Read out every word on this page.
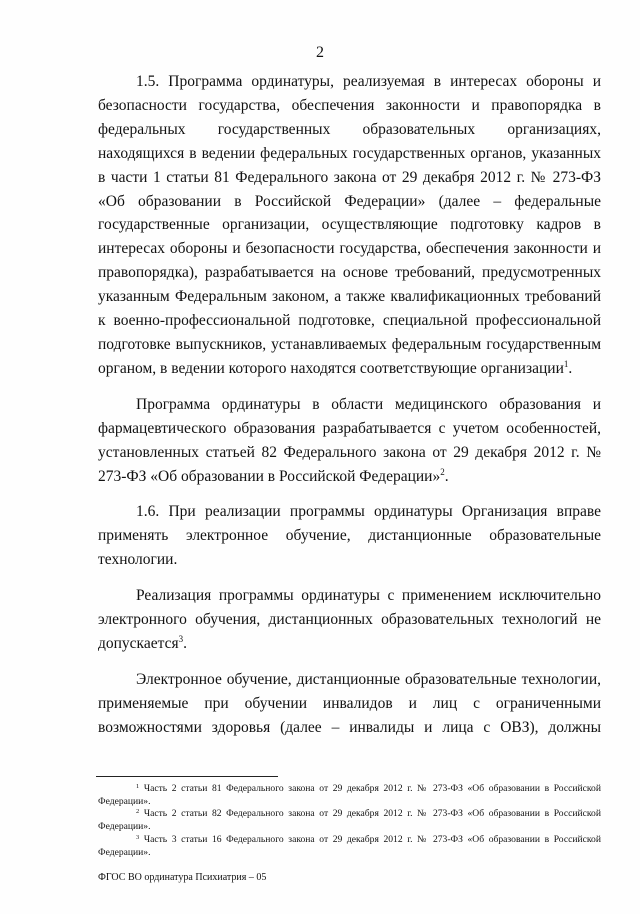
2

1.5. Программа ординатуры, реализуемая в интересах обороны и безопасности государства, обеспечения законности и правопорядка в федеральных государственных образовательных организациях, находящихся в ведении федеральных государственных органов, указанных в части 1 статьи 81 Федерального закона от 29 декабря 2012 г. № 273-ФЗ «Об образовании в Российской Федерации» (далее – федеральные государственные организации, осуществляющие подготовку кадров в интересах обороны и безопасности государства, обеспечения законности и правопорядка), разрабатывается на основе требований, предусмотренных указанным Федеральным законом, а также квалификационных требований к военно-профессиональной подготовке, специальной профессиональной подготовке выпускников, устанавливаемых федеральным государственным органом, в ведении которого находятся соответствующие организации$^1$.

Программа ординатуры в области медицинского образования и фармацевтического образования разрабатывается с учетом особенностей, установленных статьей 82 Федерального закона от 29 декабря 2012 г. № 273-ФЗ «Об образовании в Российской Федерации»$^2$.

1.6. При реализации программы ординатуры Организация вправе применять электронное обучение, дистанционные образовательные технологии.

Реализация программы ординатуры с применением исключительно электронного обучения, дистанционных образовательных технологий не допускается$^3$.

Электронное обучение, дистанционные образовательные технологии, применяемые при обучении инвалидов и лиц с ограниченными возможностями здоровья (далее – инвалиды и лица с ОВЗ), должны

$^1$ Часть 2 статьи 81 Федерального закона от 29 декабря 2012 г. № 273-ФЗ «Об образовании в Российской Федерации».

$^2$ Часть 2 статьи 82 Федерального закона от 29 декабря 2012 г. № 273-ФЗ «Об образовании в Российской Федерации».

$^3$ Часть 3 статьи 16 Федерального закона от 29 декабря 2012 г. № 273-ФЗ «Об образовании в Российской Федерации».

ФГОС ВО ординатура Психиатрия – 05
